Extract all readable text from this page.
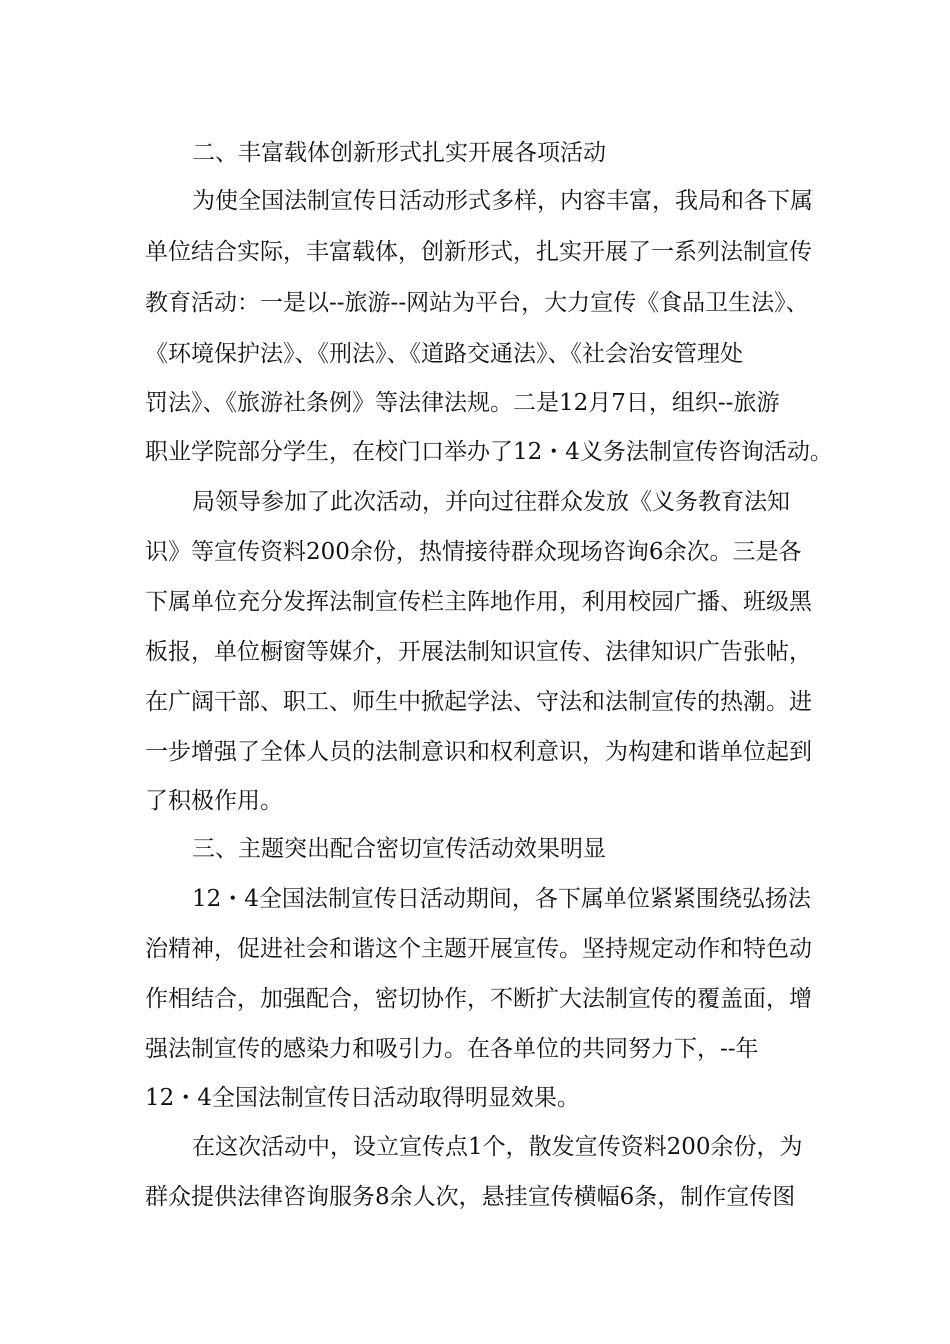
二、丰富载体创新形式扎实开展各项活动
为使全国法制宣传日活动形式多样，内容丰富，我局和各下属
单位结合实际，丰富载体，创新形式，扎实开展了一系列法制宣传
教育活动：一是以--旅游--网站为平台，大力宣传《食品卫生法》、
《环境保护法》、《刑法》、《道路交通法》、《社会治安管理处
罚法》、《旅游社条例》等法律法规。二是12月7日，组织--旅游
职业学院部分学生，在校门口举办了12・4义务法制宣传咨询活动。
局领导参加了此次活动，并向过往群众发放《义务教育法知
识》等宣传资料200余份，热情接待群众现场咨询6余次。三是各
下属单位充分发挥法制宣传栏主阵地作用，利用校园广播、班级黑
板报，单位橱窗等媒介，开展法制知识宣传、法律知识广告张帖，
在广阔干部、职工、师生中掀起学法、守法和法制宣传的热潮。进
一步增强了全体人员的法制意识和权利意识，为构建和谐单位起到
了积极作用。
三、主题突出配合密切宣传活动效果明显
12・4全国法制宣传日活动期间，各下属单位紧紧围绕弘扬法
治精神，促进社会和谐这个主题开展宣传。坚持规定动作和特色动
作相结合，加强配合，密切协作，不断扩大法制宣传的覆盖面，增
强法制宣传的感染力和吸引力。在各单位的共同努力下，--年
12・4全国法制宣传日活动取得明显效果。
在这次活动中，设立宣传点1个，散发宣传资料200余份，为
群众提供法律咨询服务8余人次，悬挂宣传横幅6条，制作宣传图
